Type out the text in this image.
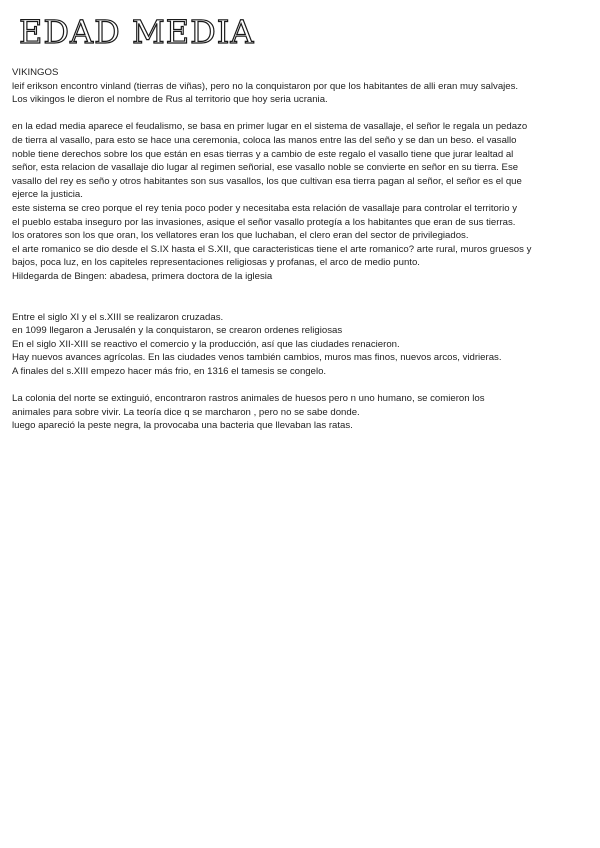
EDAD MEDIA
VIKINGOS
leif erikson encontro vinland (tierras de viñas), pero no la conquistaron por que los habitantes de alli eran muy salvajes.
Los vikingos le dieron el nombre de Rus al territorio que hoy seria ucrania.
en la edad media aparece el feudalismo, se basa en primer lugar en el sistema de vasallaje, el señor le regala un pedazo
de tierra al vasallo, para esto se hace una ceremonia, coloca las manos entre las del seño y se dan un beso. el vasallo
noble tiene derechos sobre los que están en esas tierras y a cambio de este regalo el vasallo tiene que jurar lealtad al
señor, esta relacion de vasallaje dio lugar al regimen señorial, ese vasallo noble se convierte en señor en su tierra. Ese
vasallo del rey es seño y otros habitantes son sus vasallos, los que cultivan esa tierra pagan al señor, el señor es el que
ejerce la justicia.
este sistema se creo porque el rey tenia poco poder y necesitaba esta relación de vasallaje para controlar el territorio y
el pueblo estaba inseguro por las invasiones, asique el señor vasallo protegía a los habitantes que eran de sus tierras.
los oratores son los que oran, los vellatores eran los que luchaban, el clero eran del sector de privilegiados.
el arte romanico se dio desde el S.IX hasta el S.XII, que caracteristicas tiene el arte romanico? arte rural, muros gruesos y
bajos, poca luz, en los capiteles representaciones religiosas y profanas, el arco de medio punto.
Hildegarda de Bingen: abadesa, primera doctora de la iglesia
Entre el siglo XI y el s.XIII se realizaron cruzadas.
en 1099 llegaron a Jerusalén y la conquistaron, se crearon ordenes religiosas
En el siglo XII-XIII se reactivo el comercio y la producción, así que las ciudades renacieron.
Hay nuevos avances agrícolas. En las ciudades venos también cambios, muros mas finos, nuevos arcos, vidrieras.
A finales del s.XIII empezo hacer más frio, en 1316 el tamesis se congelo.
La colonia del norte se extinguió, encontraron rastros animales de huesos pero n uno humano, se comieron los
animales para sobre vivir. La teoría dice q se marcharon , pero no se sabe donde.
luego apareció la peste negra, la provocaba una bacteria que llevaban las ratas.
